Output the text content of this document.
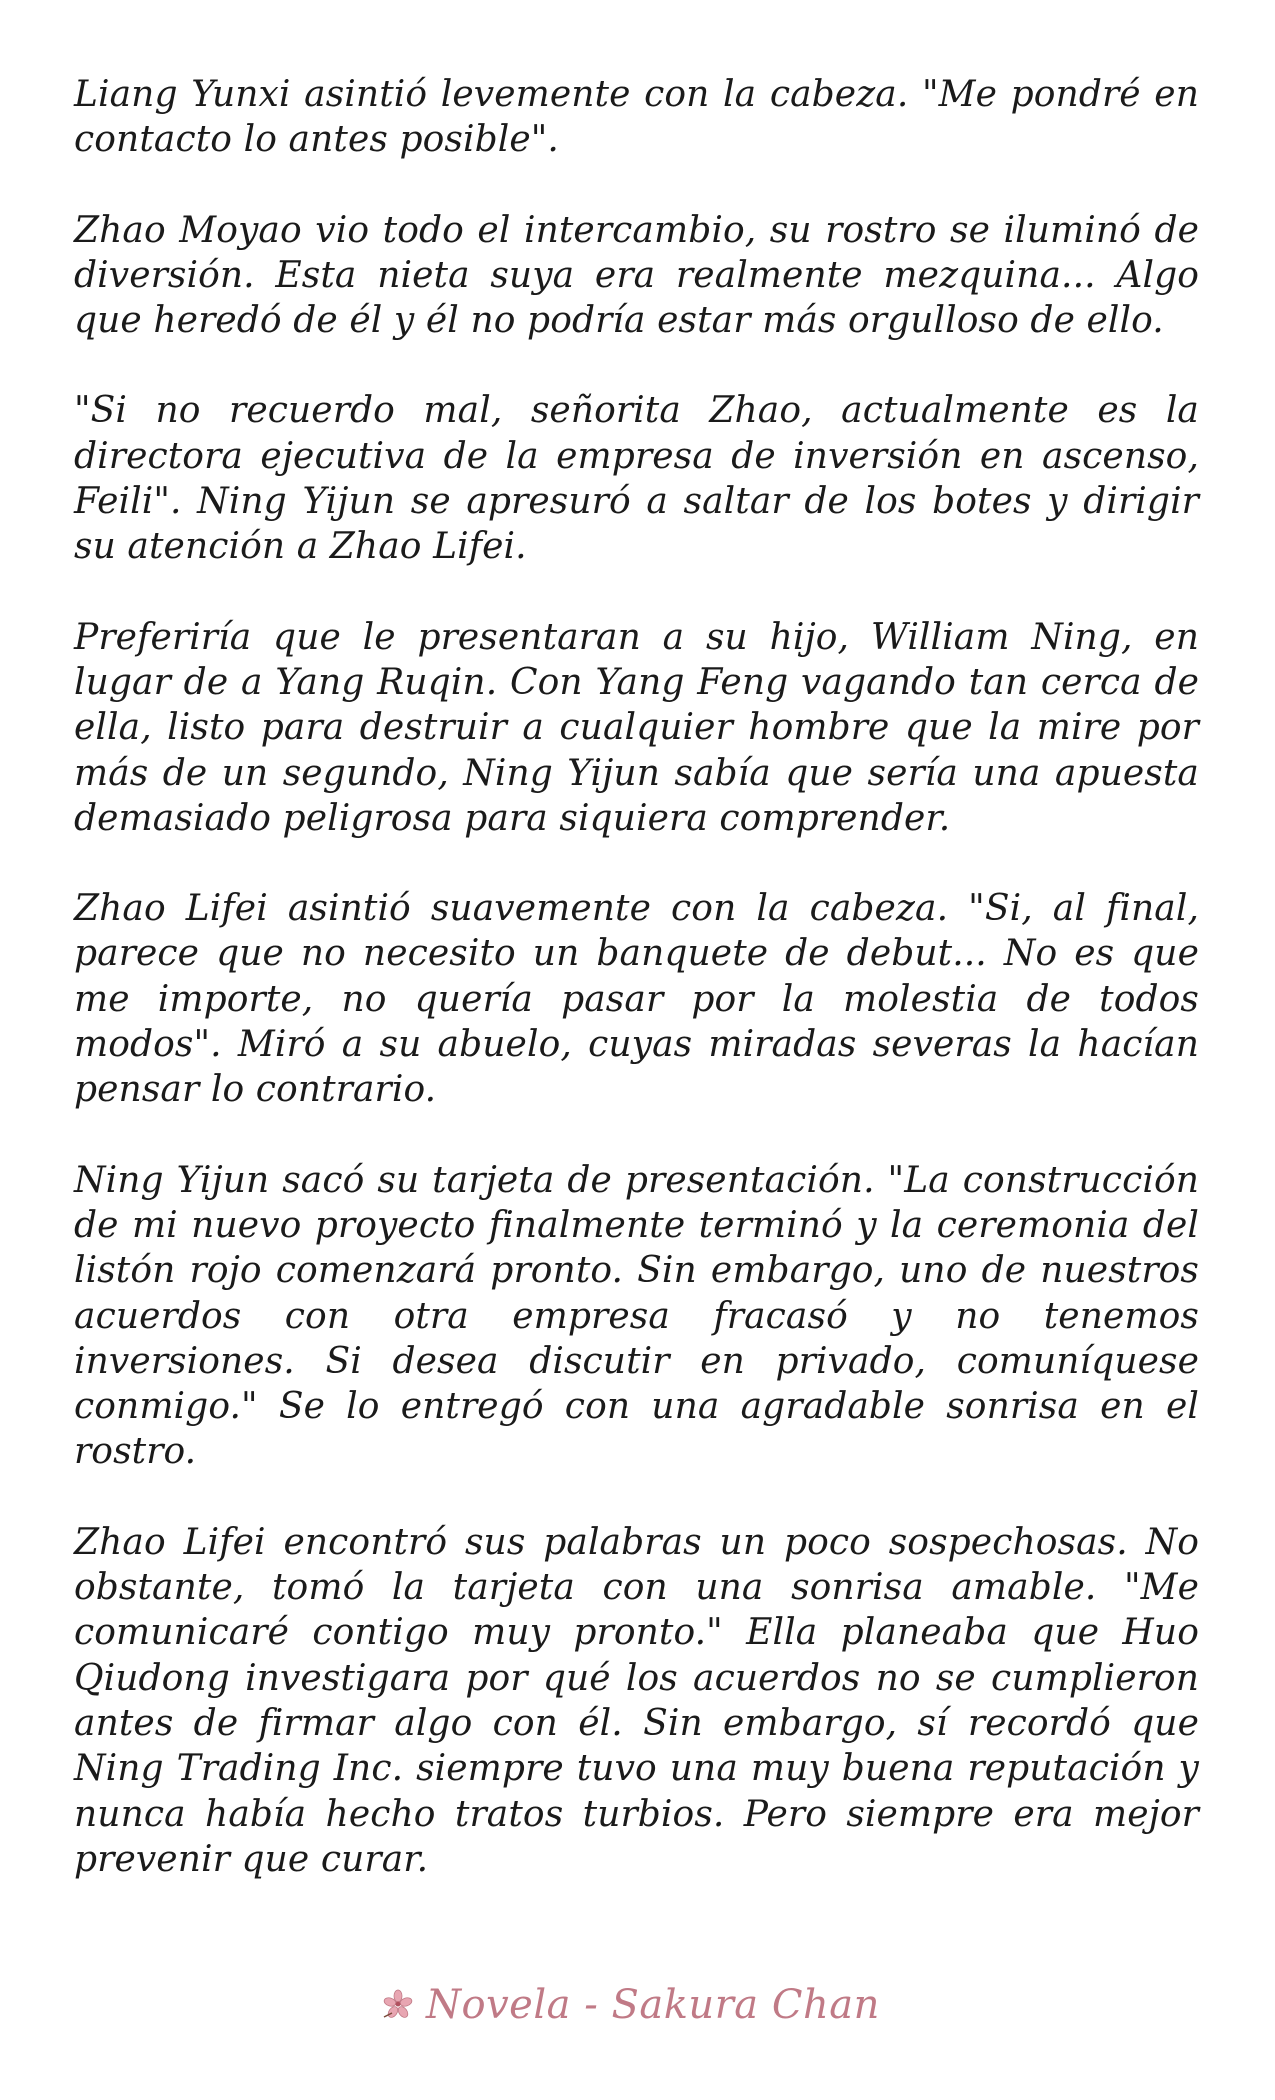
Liang Yunxi asintió levemente con la cabeza. "Me pondré en contacto lo antes posible".

Zhao Moyao vio todo el intercambio, su rostro se iluminó de diversión. Esta nieta suya era realmente mezquina... Algo que heredó de él y él no podría estar más orgulloso de ello.

"Si no recuerdo mal, señorita Zhao, actualmente es la directora ejecutiva de la empresa de inversión en ascenso, Feili". Ning Yijun se apresuró a saltar de los botes y dirigir su atención a Zhao Lifei.

Preferiría que le presentaran a su hijo, William Ning, en lugar de a Yang Ruqin. Con Yang Feng vagando tan cerca de ella, listo para destruir a cualquier hombre que la mire por más de un segundo, Ning Yijun sabía que sería una apuesta demasiado peligrosa para siquiera comprender.

Zhao Lifei asintió suavemente con la cabeza. "Si, al final, parece que no necesito un banquete de debut... No es que me importe, no quería pasar por la molestia de todos modos". Miró a su abuelo, cuyas miradas severas la hacían pensar lo contrario.

Ning Yijun sacó su tarjeta de presentación. "La construcción de mi nuevo proyecto finalmente terminó y la ceremonia del listón rojo comenzará pronto. Sin embargo, uno de nuestros acuerdos con otra empresa fracasó y no tenemos inversiones. Si desea discutir en privado, comuníquese conmigo." Se lo entregó con una agradable sonrisa en el rostro.

Zhao Lifei encontró sus palabras un poco sospechosas. No obstante, tomó la tarjeta con una sonrisa amable. "Me comunicaré contigo muy pronto." Ella planeaba que Huo Qiudong investigara por qué los acuerdos no se cumplieron antes de firmar algo con él. Sin embargo, sí recordó que Ning Trading Inc. siempre tuvo una muy buena reputación y nunca había hecho tratos turbios. Pero siempre era mejor prevenir que curar.

Novela - Sakura Chan
